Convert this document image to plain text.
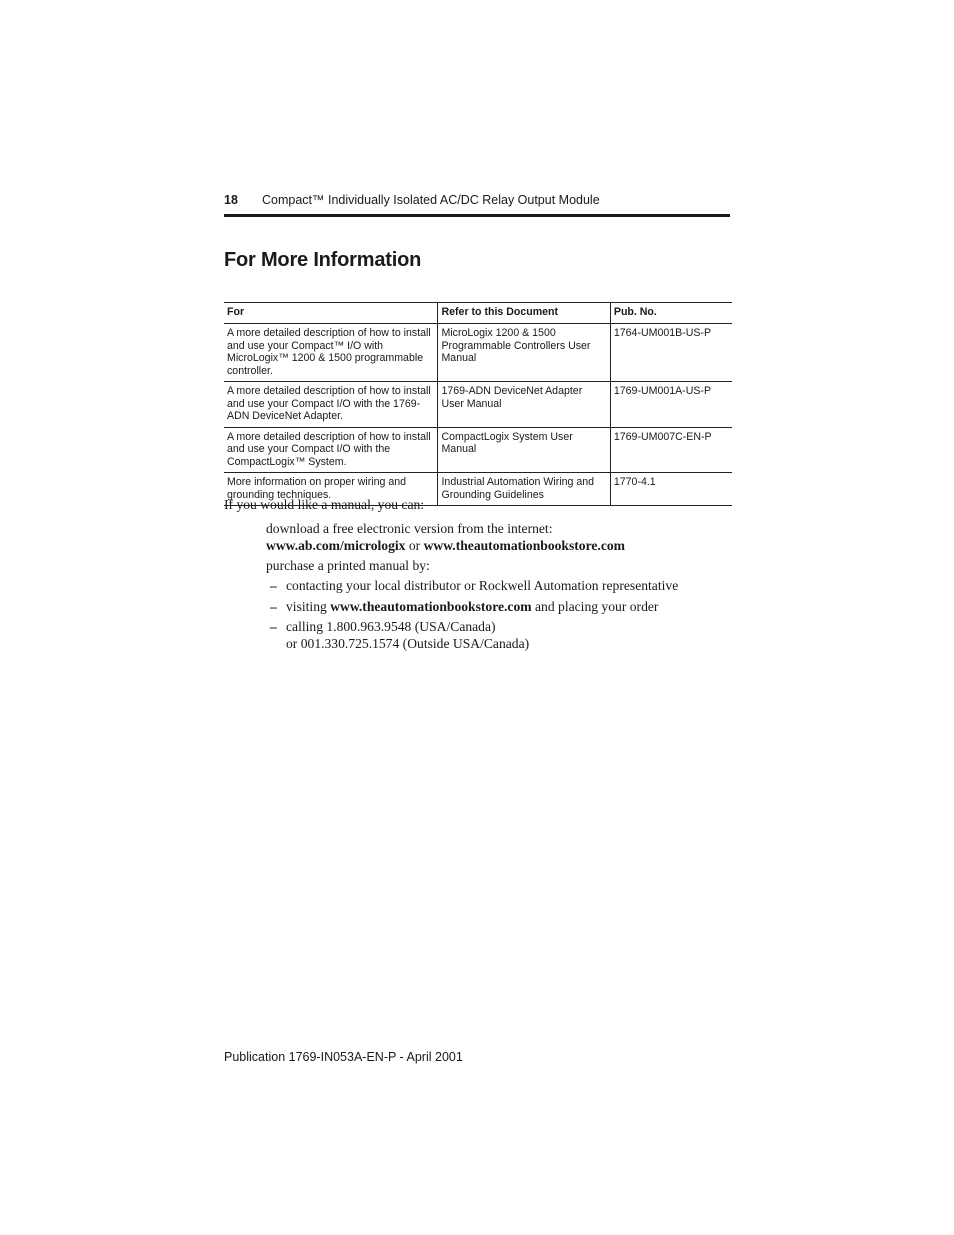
18	Compact™ Individually Isolated AC/DC Relay Output Module
For More Information
For	Refer to this Document	Pub. No.
A more detailed description of how to install and use your Compact™ I/O with MicroLogix™ 1200 & 1500 programmable controller.	MicroLogix 1200 & 1500 Programmable Controllers User Manual	1764-UM001B-US-P
A more detailed description of how to install and use your Compact I/O with the 1769-ADN DeviceNet Adapter.	1769-ADN DeviceNet Adapter User Manual	1769-UM001A-US-P
A more detailed description of how to install and use your Compact I/O with the CompactLogix™ System.	CompactLogix System User Manual	1769-UM007C-EN-P
More information on proper wiring and grounding techniques.	Industrial Automation Wiring and Grounding Guidelines	1770-4.1
If you would like a manual, you can:
download a free electronic version from the internet:
www.ab.com/micrologix or www.theautomationbookstore.com
purchase a printed manual by:
– contacting your local distributor or Rockwell Automation representative
– visiting www.theautomationbookstore.com and placing your order
– calling 1.800.963.9548 (USA/Canada)
or 001.330.725.1574 (Outside USA/Canada)
Publication 1769-IN053A-EN-P - April 2001
